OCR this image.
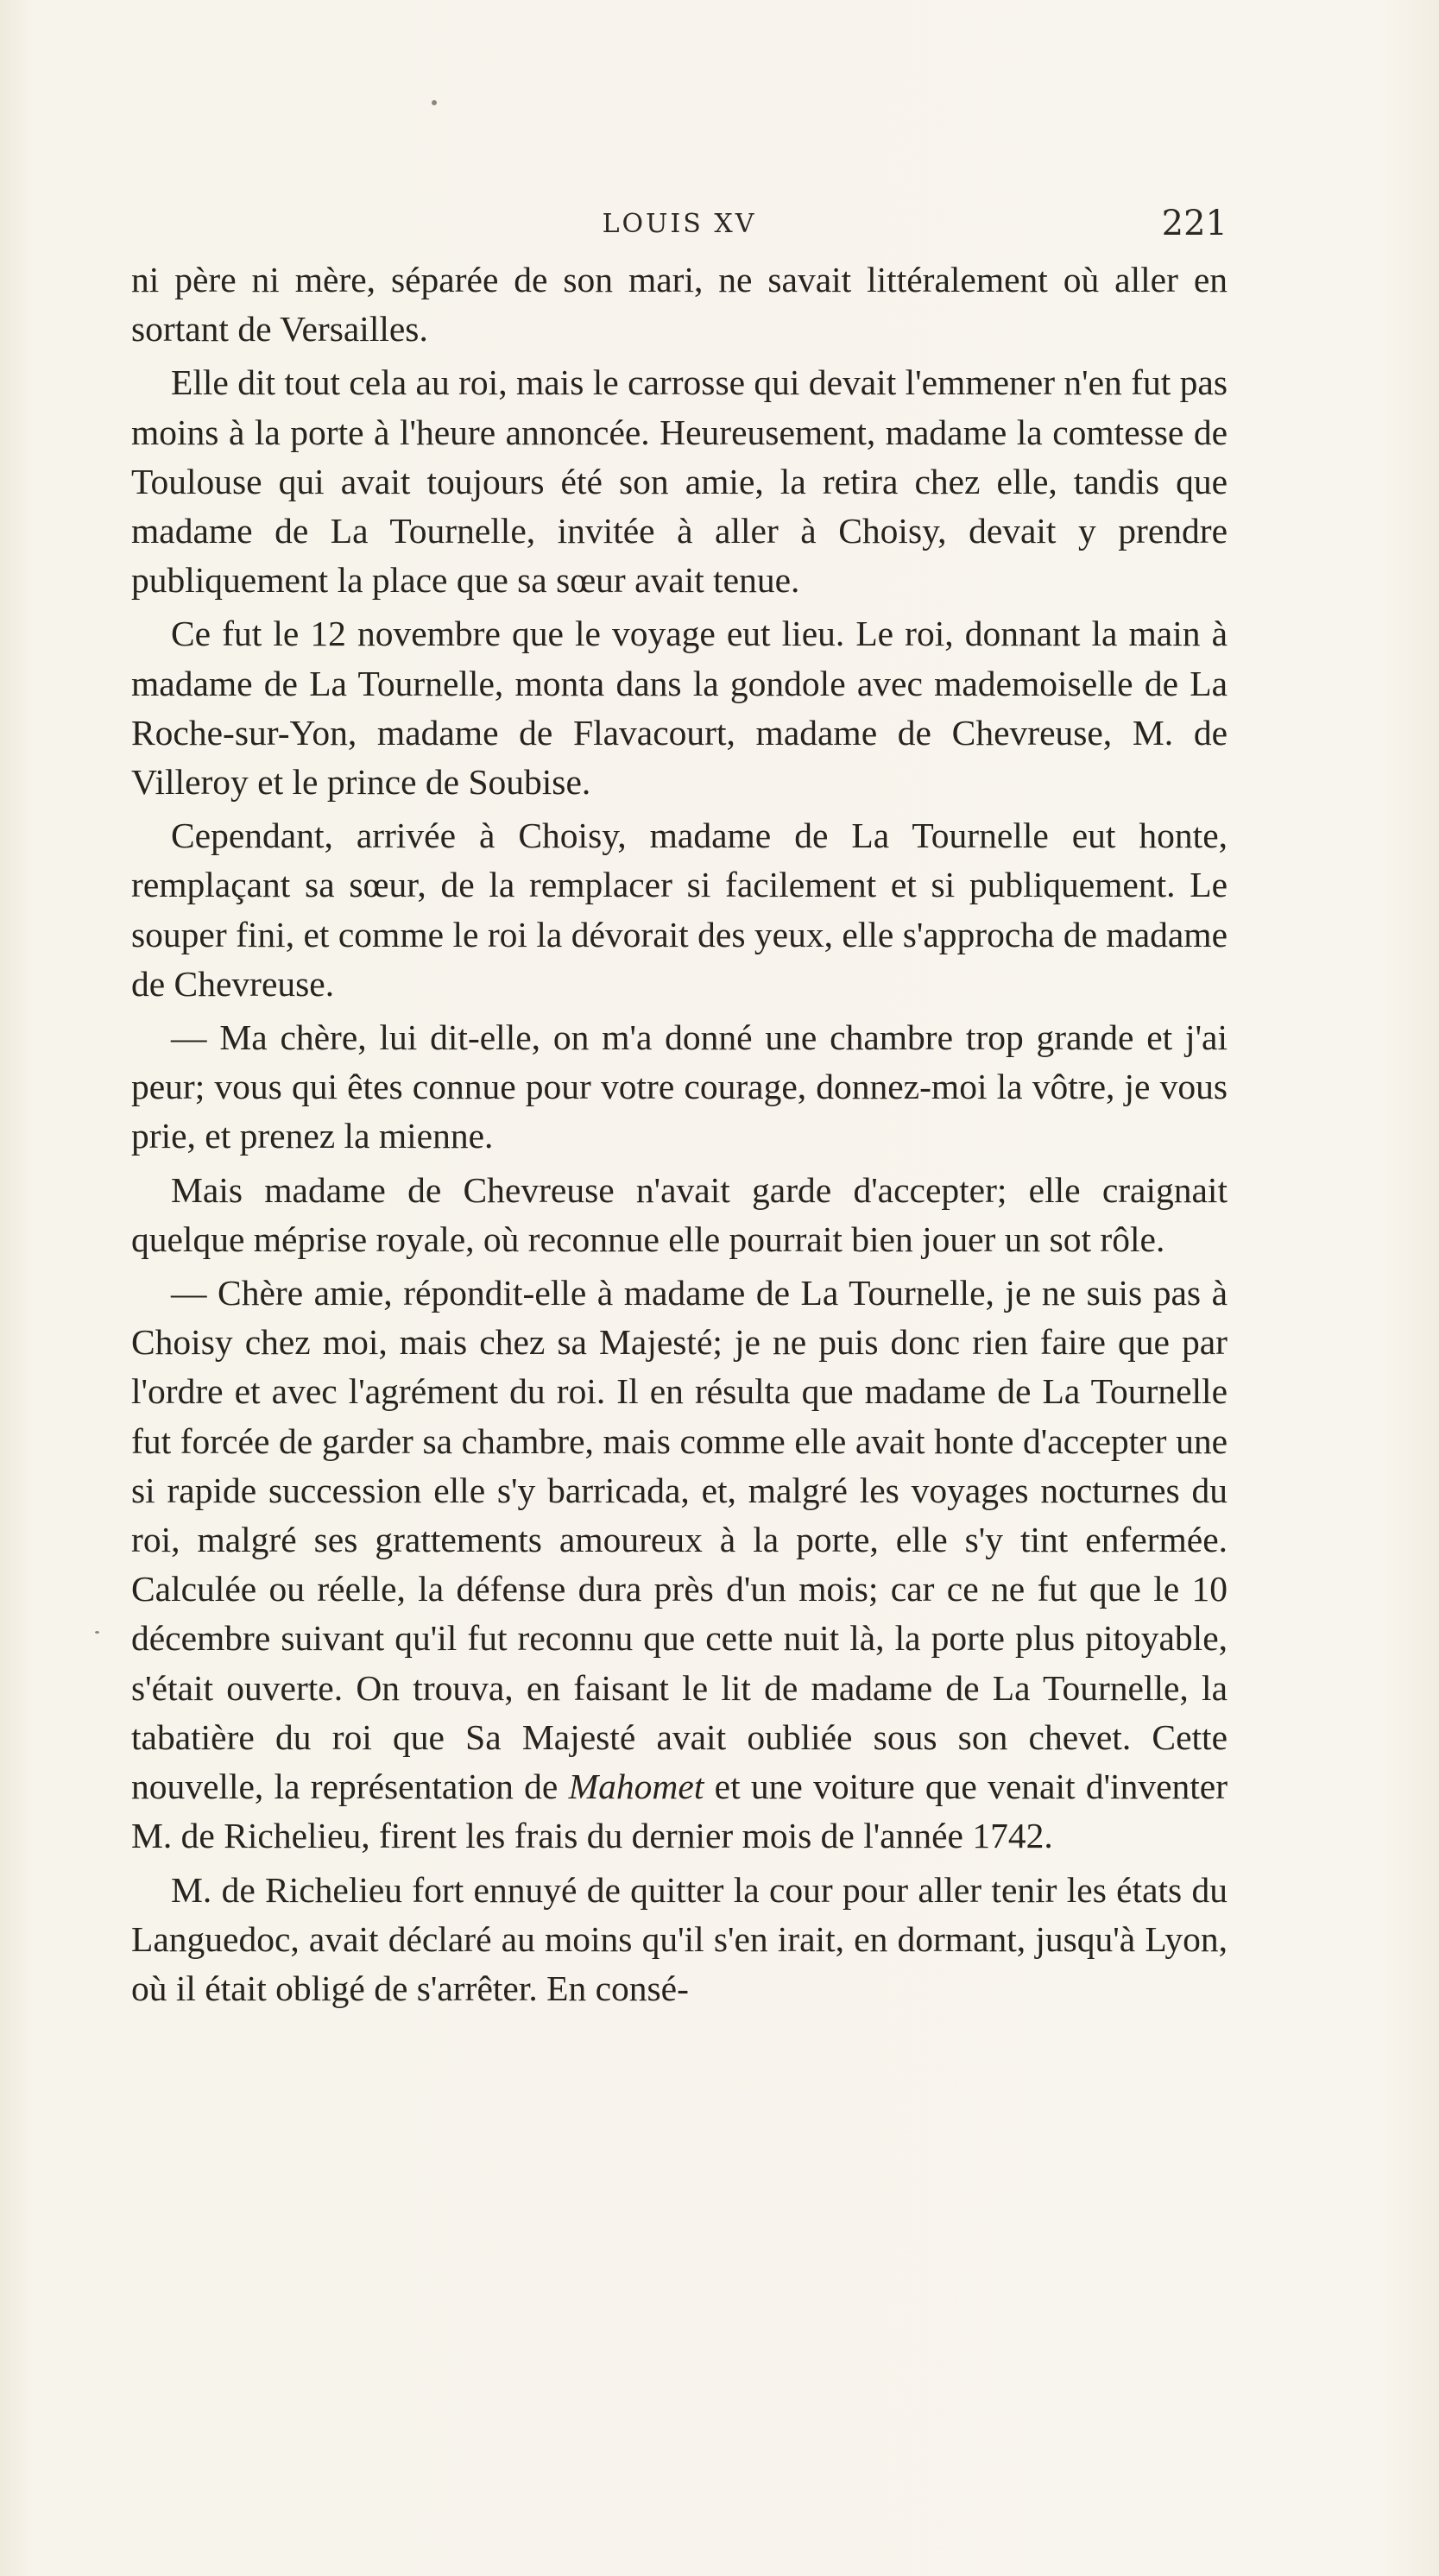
LOUIS XV	221

ni père ni mère, séparée de son mari, ne savait littéralement où aller en sortant de Versailles.

Elle dit tout cela au roi, mais le carrosse qui devait l'emmener n'en fut pas moins à la porte à l'heure annoncée. Heureusement, madame la comtesse de Toulouse qui avait toujours été son amie, la retira chez elle, tandis que madame de La Tournelle, invitée à aller à Choisy, devait y prendre publiquement la place que sa sœur avait tenue.

Ce fut le 12 novembre que le voyage eut lieu. Le roi, donnant la main à madame de La Tournelle, monta dans la gondole avec mademoiselle de La Roche-sur-Yon, madame de Flavacourt, madame de Chevreuse, M. de Villeroy et le prince de Soubise.

Cependant, arrivée à Choisy, madame de La Tournelle eut honte, remplaçant sa sœur, de la remplacer si facilement et si publiquement. Le souper fini, et comme le roi la dévorait des yeux, elle s'approcha de madame de Chevreuse.

— Ma chère, lui dit-elle, on m'a donné une chambre trop grande et j'ai peur; vous qui êtes connue pour votre courage, donnez-moi la vôtre, je vous prie, et prenez la mienne.

Mais madame de Chevreuse n'avait garde d'accepter; elle craignait quelque méprise royale, où reconnue elle pourrait bien jouer un sot rôle.

— Chère amie, répondit-elle à madame de La Tournelle, je ne suis pas à Choisy chez moi, mais chez sa Majesté; je ne puis donc rien faire que par l'ordre et avec l'agrément du roi. Il en résulta que madame de La Tournelle fut forcée de garder sa chambre, mais comme elle avait honte d'accepter une si rapide succession elle s'y barricada, et, malgré les voyages nocturnes du roi, malgré ses grattements amoureux à la porte, elle s'y tint enfermée. Calculée ou réelle, la défense dura près d'un mois; car ce ne fut que le 10 décembre suivant qu'il fut reconnu que cette nuit là, la porte plus pitoyable, s'était ouverte. On trouva, en faisant le lit de madame de La Tournelle, la tabatière du roi que Sa Majesté avait oubliée sous son chevet. Cette nouvelle, la représentation de Mahomet et une voiture que venait d'inventer M. de Richelieu, firent les frais du dernier mois de l'année 1742.

M. de Richelieu fort ennuyé de quitter la cour pour aller tenir les états du Languedoc, avait déclaré au moins qu'il s'en irait, en dormant, jusqu'à Lyon, où il était obligé de s'arrêter. En consé-
